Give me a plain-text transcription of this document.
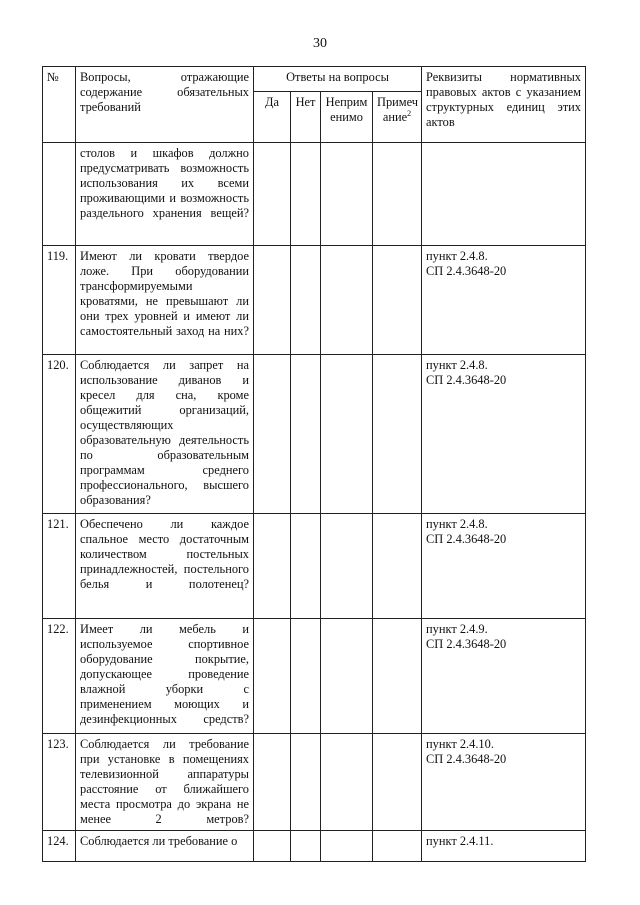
30
№	Вопросы, отражающие содержание обязательных требований	Ответы на вопросы				Реквизиты нормативных правовых актов с указанием структурных единиц этих актов
		Да	Нет	Неприм енимо	Примеч ание$^2$
	столов и шкафов должно предусматривать возможность использования их всеми проживающими и возможность раздельного хранения вещей?					

119.	Имеют ли кровати твердое ложе. При оборудовании трансформируемыми кроватями, не превышают ли они трех уровней и имеют ли самостоятельный заход на них?					пункт 2.4.8.
СП 2.4.3648-20

120.	Соблюдается ли запрет на использование диванов и кресел для сна, кроме общежитий организаций, осуществляющих образовательную деятельность по образовательным программам среднего профессионального, высшего образования?					пункт 2.4.8.
СП 2.4.3648-20

121.	Обеспечено ли каждое спальное место достаточным количеством постельных принадлежностей, постельного белья и полотенец?					пункт 2.4.8.
СП 2.4.3648-20

122.	Имеет ли мебель и используемое спортивное оборудование покрытие, допускающее проведение влажной уборки с применением моющих и дезинфекционных средств?					пункт 2.4.9.
СП 2.4.3648-20

123.	Соблюдается ли требование при установке в помещениях телевизионной аппаратуры расстояние от ближайшего места просмотра до экрана не менее 2 метров?					пункт 2.4.10.
СП 2.4.3648-20

124.	Соблюдается ли требование о					пункт 2.4.11.
